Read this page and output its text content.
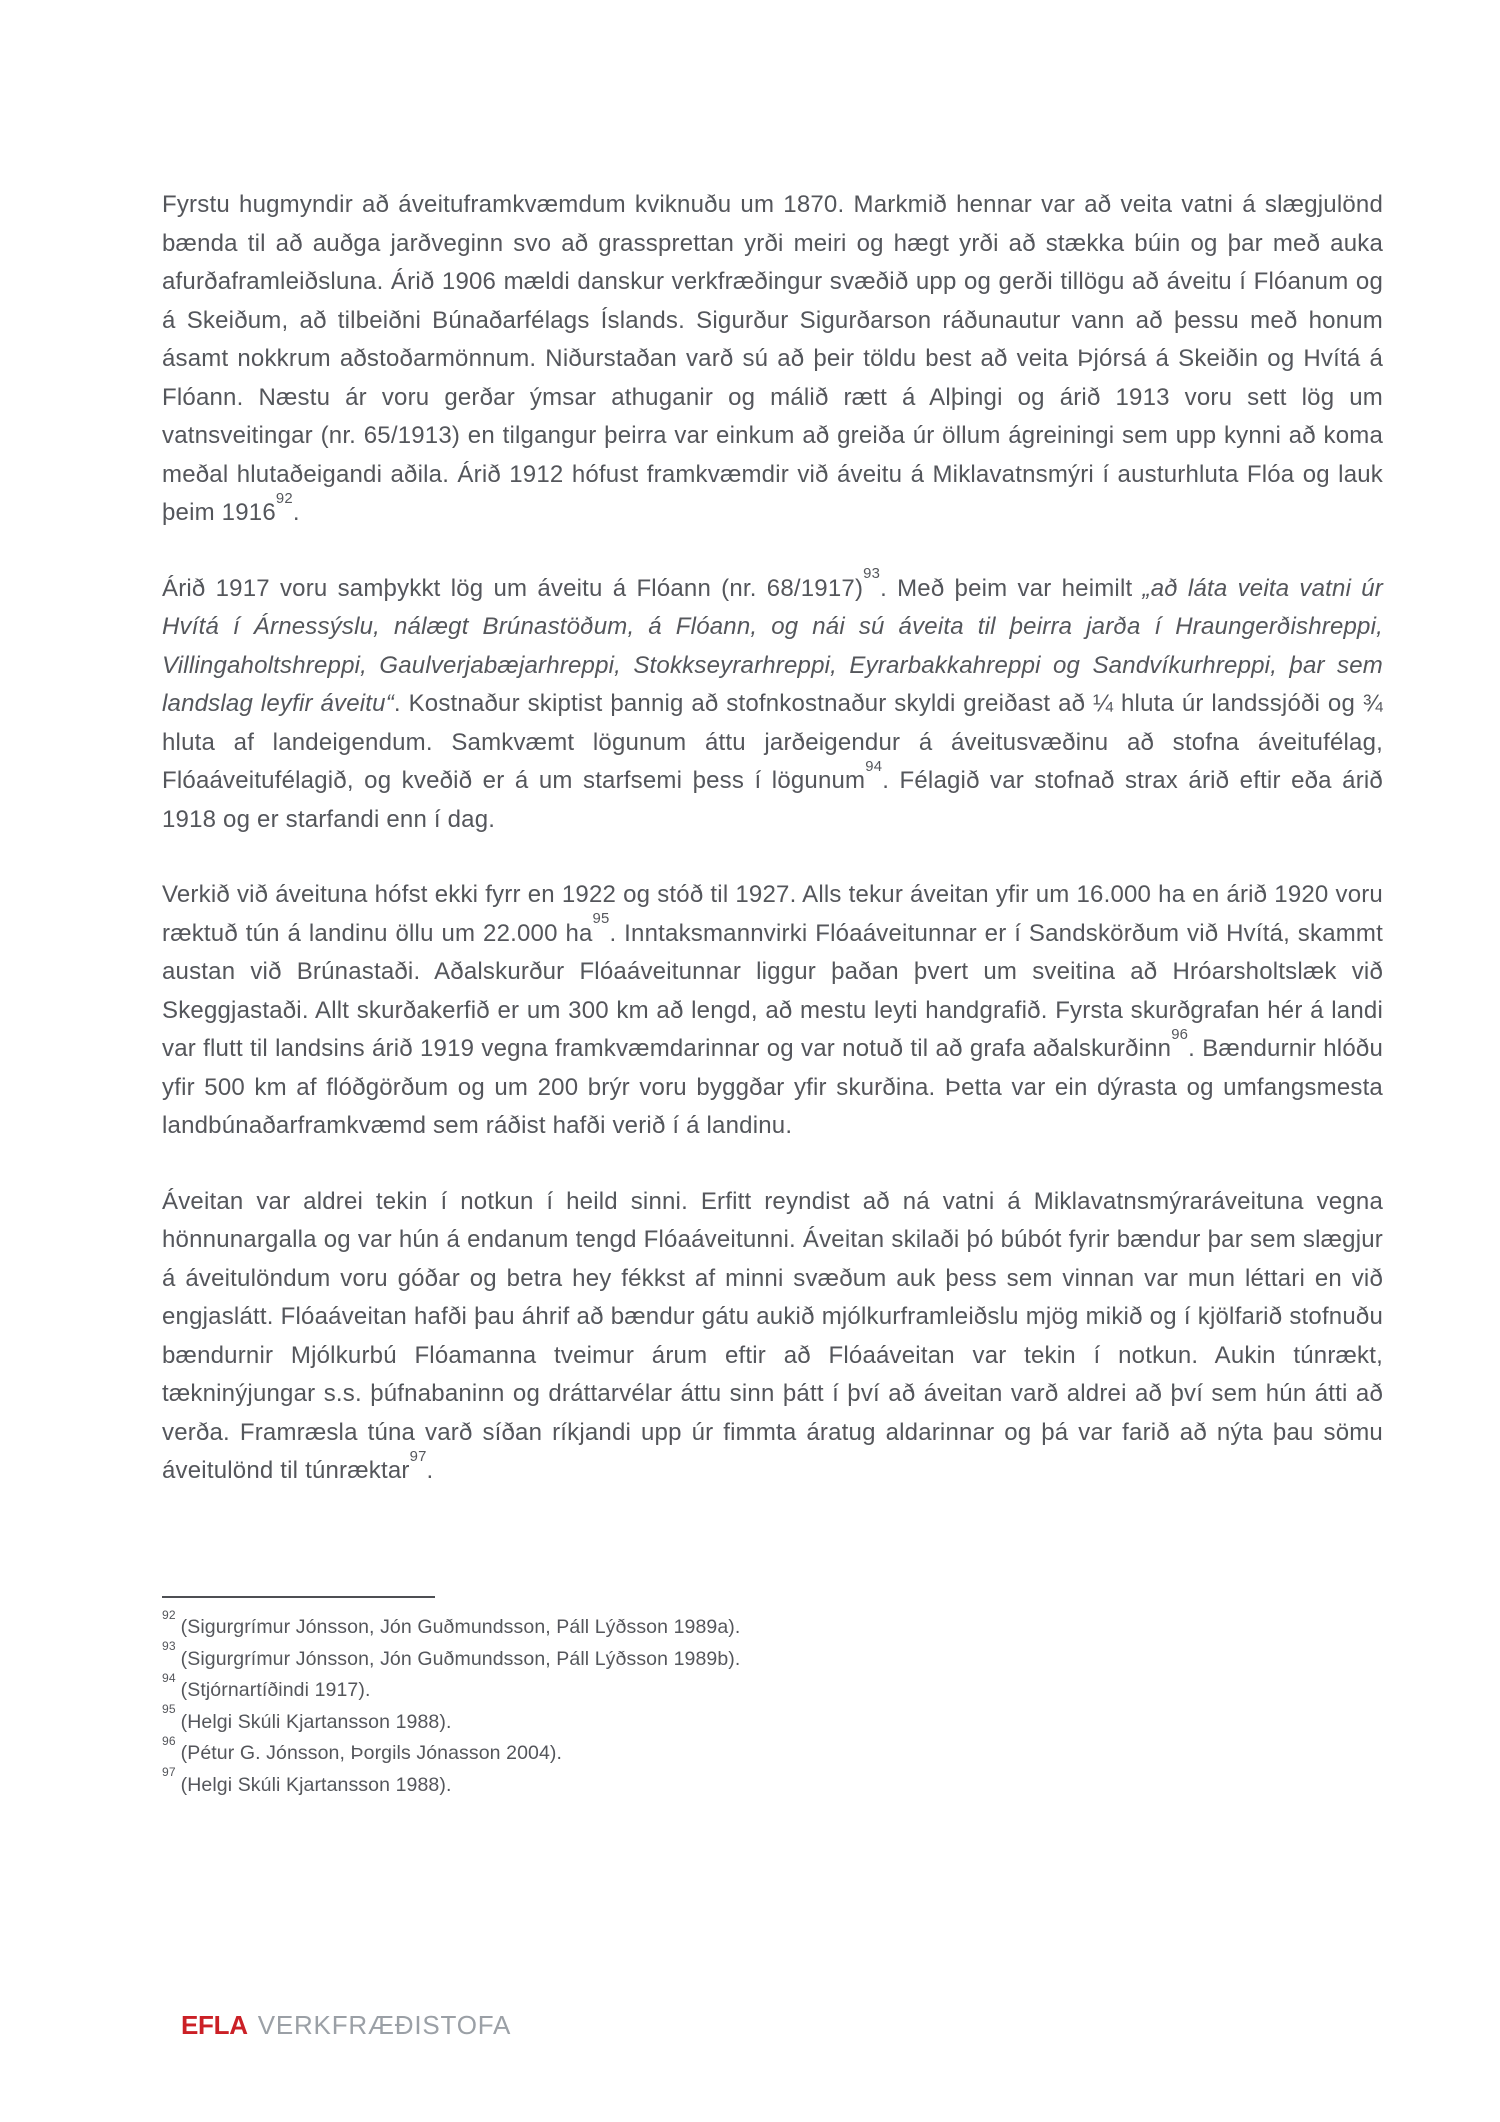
Fyrstu hugmyndir að áveituframkvæmdum kviknuðu um 1870. Markmið hennar var að veita vatni á slægjulönd bænda til að auðga jarðveginn svo að grassprettan yrði meiri og hægt yrði að stækka búin og þar með auka afurðaframleiðsluna. Árið 1906 mældi danskur verkfræðingur svæðið upp og gerði tillögu að áveitu í Flóanum og á Skeiðum, að tilbeiðni Búnaðarfélags Íslands. Sigurður Sigurðarson ráðunautur vann að þessu með honum ásamt nokkrum aðstoðarmönnum. Niðurstaðan varð sú að þeir töldu best að veita Þjórsá á Skeiðin og Hvítá á Flóann. Næstu ár voru gerðar ýmsar athuganir og málið rætt á Alþingi og árið 1913 voru sett lög um vatnsveitingar (nr. 65/1913) en tilgangur þeirra var einkum að greiða úr öllum ágreiningi sem upp kynni að koma meðal hlutaðeigandi aðila. Árið 1912 hófust framkvæmdir við áveitu á Miklavatnsmýri í austurhluta Flóa og lauk þeim 1916$^{92}$.

Árið 1917 voru samþykkt lög um áveitu á Flóann (nr. 68/1917)$^{93}$. Með þeim var heimilt „að láta veita vatni úr Hvítá í Árnessýslu, nálægt Brúnastöðum, á Flóann, og nái sú áveita til þeirra jarða í Hraungerðishreppi, Villingaholtshreppi, Gaulverjabæjarhreppi, Stokkseyrarhreppi, Eyrarbakkahreppi og Sandvíkurhreppi, þar sem landslag leyfir áveitu“. Kostnaður skiptist þannig að stofnkostnaður skyldi greiðast að ¼ hluta úr landssjóði og ¾ hluta af landeigendum. Samkvæmt lögunum áttu jarðeigendur á áveitusvæðinu að stofna áveitufélag, Flóaáveitufélagið, og kveðið er á um starfsemi þess í lögunum$^{94}$. Félagið var stofnað strax árið eftir eða árið 1918 og er starfandi enn í dag.

Verkið við áveituna hófst ekki fyrr en 1922 og stóð til 1927. Alls tekur áveitan yfir um 16.000 ha en árið 1920 voru ræktuð tún á landinu öllu um 22.000 $ha^{95}$. Inntaksmannvirki Flóaáveitunnar er í Sandskörðum við Hvítá, skammt austan við Brúnastaði. Aðalskurður Flóaáveitunnar liggur þaðan þvert um sveitina að Hróarsholtslæk við Skeggjastaði. Allt skurðakerfið er um 300 km að lengd, að mestu leyti handgrafið. Fyrsta skurðgrafan hér á landi var flutt til landsins árið 1919 vegna framkvæmdarinnar og var notuð til að grafa aðalskurðinn$^{96}$. Bændurnir hlóðu yfir 500 km af flóðgörðum og um 200 brýr voru byggðar yfir skurðina. Þetta var ein dýrasta og umfangsmesta landbúnaðarframkvæmd sem ráðist hafði verið í á landinu.

Áveitan var aldrei tekin í notkun í heild sinni. Erfitt reyndist að ná vatni á Miklavatnsmýraráveituna vegna hönnunargalla og var hún á endanum tengd Flóaáveitunni. Áveitan skilaði þó búbót fyrir bændur þar sem slægjur á áveitulöndum voru góðar og betra hey fékkst af minni svæðum auk þess sem vinnan var mun léttari en við engjaslátt. Flóaáveitan hafði þau áhrif að bændur gátu aukið mjólkurframleiðslu mjög mikið og í kjölfarið stofnuðu bændurnir Mjólkurbú Flóamanna tveimur árum eftir að Flóaáveitan var tekin í notkun. Aukin túnrækt, tækninýjungar s.s. þúfnabaninn og dráttarvélar áttu sinn þátt í því að áveitan varð aldrei að því sem hún átti að verða. Framræsla túna varð síðan ríkjandi upp úr fimmta áratug aldarinnar og þá var farið að nýta þau sömu áveitulönd til túnræktar$^{97}$.

$^{92}$(Sigurgrímur Jónsson, Jón Guðmundsson, Páll Lýðsson 1989a).
$^{93}$(Sigurgrímur Jónsson, Jón Guðmundsson, Páll Lýðsson 1989b).
$^{94}$(Stjórnartíðindi 1917).
$^{95}$(Helgi Skúli Kjartansson 1988).
$^{96}$(Pétur G. Jónsson, Þorgils Jónasson 2004).
$^{97}$(Helgi Skúli Kjartansson 1988).
EFLA VERKFRÆÐISTOFA
